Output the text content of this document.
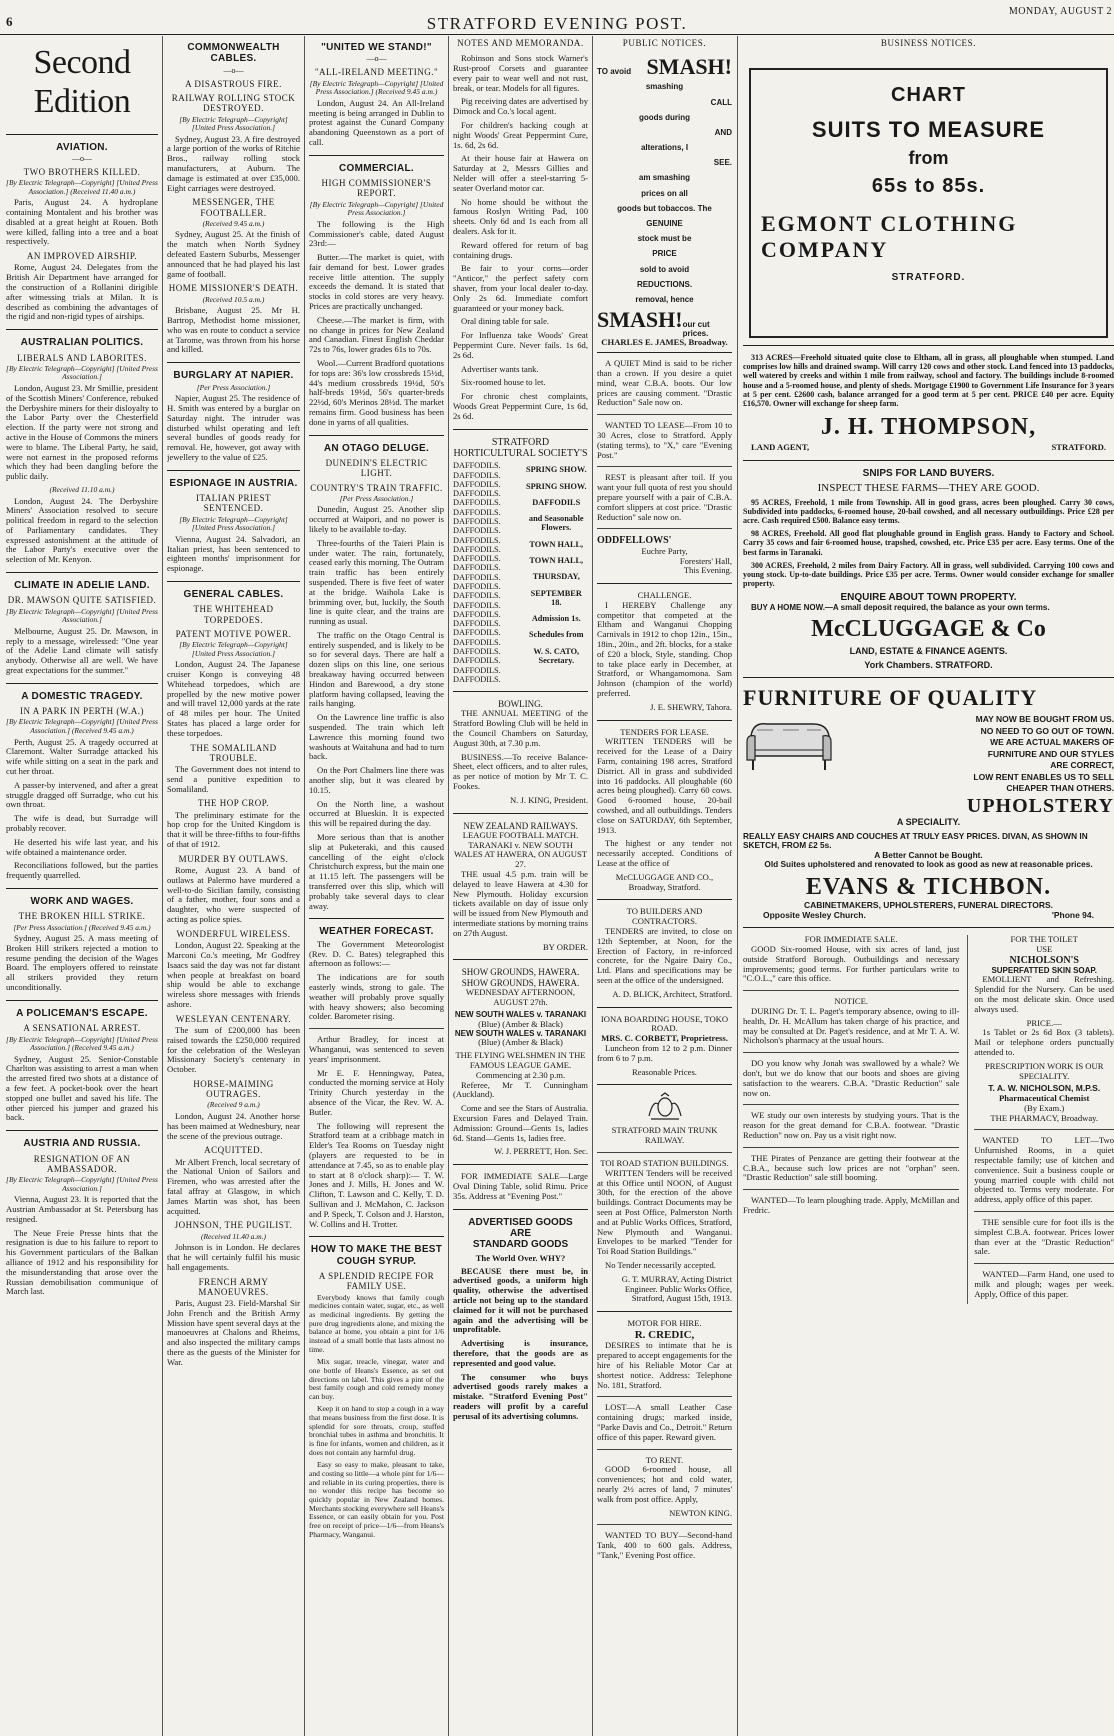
6	STRATFORD EVENING POST.
MONDAY, AUGUST 2
Second Edition
AVIATION.

—o—

TWO BROTHERS KILLED.
[By Electric Telegraph—Copyright] [United Press Association.] (Received 11.40 a.m.)

Paris, August 24. A hydroplane containing Montalent and his brother was disabled at a great height at Rouen. Both were killed, falling into a tree and a boat respectively.

AN IMPROVED AIRSHIP.

Rome, August 24. Delegates from the British Air Department have arranged for the construction of a Rollanini dirigible after witnessing trials at Milan. It is described as combining the advantages of the rigid and non-rigid types of airships.

AUSTRALIAN POLITICS.
LIBERALS AND LABORITES.
[By Electric Telegraph—Copyright] [United Press Association.]

London, August 23. Mr Smillie, president of the Scottish Miners' Conference, rebuked the Derbyshire miners for their disloyalty to the Labor Party over the Chesterfield election. If the party were not strong and active in the House of Commons the miners were to blame. The Liberal Party, he said, were not earnest in the proposed reforms which they had been dangling before the public daily.

(Received 11.10 a.m.)

London, August 24. The Derbyshire Miners' Association resolved to secure political freedom in regard to the selection of Parliamentary candidates. They expressed astonishment at the attitude of the Labor Party's executive over the selection of Mr. Kenyon.

CLIMATE IN ADELIE LAND.
DR. MAWSON QUITE SATISFIED.
[By Electric Telegraph—Copyright] [United Press Association.]

Melbourne, August 25. Dr. Mawson, in reply to a message, wirelessed: "One year of the Adelie Land climate will satisfy anybody. Otherwise all are well. We have great expectations for the summer."

A DOMESTIC TRAGEDY.
IN A PARK IN PERTH (W.A.)
[By Electric Telegraph—Copyright] [United Press Association.] (Received 9.45 a.m.)

Perth, August 25. A tragedy occurred at Claremont. Walter Surradge attacked his wife while sitting on a seat in the park and cut her throat.

A passer-by intervened, and after a great struggle dragged off Surradge, who cut his own throat.

The wife is dead, but Surradge will probably recover.

He deserted his wife last year, and his wife obtained a maintenance order.

Reconciliations followed, but the parties frequently quarrelled.

WORK AND WAGES.
THE BROKEN HILL STRIKE.
[Per Press Association.] (Received 9.45 a.m.)

Sydney, August 25. A mass meeting of Broken Hill strikers rejected a motion to resume pending the decision of the Wages Board. The employers offered to reinstate all strikers provided they return unconditionally.

A POLICEMAN'S ESCAPE.
A SENSATIONAL ARREST.
[By Electric Telegraph—Copyright] [United Press Association.] (Received 9.45 a.m.)

Sydney, August 25. Senior-Constable Charlton was assisting to arrest a man when the arrested fired two shots at a distance of a few feet. A pocket-book over the heart stopped one bullet and saved his life. The other pierced his jumper and grazed his back.

AUSTRIA AND RUSSIA.
RESIGNATION OF AN AMBASSADOR.
[By Electric Telegraph—Copyright] [United Press Association.]

Vienna, August 23. It is reported that the Austrian Ambassador at St. Petersburg has resigned.

The Neue Freie Presse hints that the resignation is due to his failure to report to his Government particulars of the Balkan alliance of 1912 and his responsibility for the misunderstanding that arose over the Russian demobilisation communique of March last.

COMMONWEALTH CABLES.

—o—

A DISASTROUS FIRE.
RAILWAY ROLLING STOCK DESTROYED.
[By Electric Telegraph—Copyright] [United Press Association.]

Sydney, August 23. A fire destroyed a large portion of the works of Ritchie Bros., railway rolling stock manufacturers, at Auburn. The damage is estimated at over £35,000. Eight carriages were destroyed.

MESSENGER, THE FOOTBALLER.
(Received 9.45 a.m.)

Sydney, August 25. At the finish of the match when North Sydney defeated Eastern Suburbs, Messenger announced that he had played his last game of football.

HOME MISSIONER'S DEATH.
(Received 10.5 a.m.)

Brisbane, August 25. Mr H. Bartrop, Methodist home missioner, who was en route to conduct a service at Tarome, was thrown from his horse and killed.

BURGLARY AT NAPIER.
[Per Press Association.]

Napier, August 25. The residence of H. Smith was entered by a burglar on Saturday night. The intruder was disturbed whilst operating and left several bundles of goods ready for removal. He, however, got away with jewellery to the value of £25.

ESPIONAGE IN AUSTRIA.
ITALIAN PRIEST SENTENCED.
[By Electric Telegraph—Copyright] [United Press Association.]

Vienna, August 24. Salvadori, an Italian priest, has been sentenced to eighteen months' imprisonment for espionage.

GENERAL CABLES.
THE WHITEHEAD TORPEDOES.
PATENT MOTIVE POWER.
[By Electric Telegraph—Copyright] [United Press Association.]

London, August 24. The Japanese cruiser Kongo is conveying 48 Whitehead torpedoes, which are propelled by the new motive power and will travel 12,000 yards at the rate of 48 miles per hour. The United States has placed a large order for these torpedoes.

THE SOMALILAND TROUBLE.

The Government does not intend to send a punitive expedition to Somaliland.

THE HOP CROP.

The preliminary estimate for the hop crop for the United Kingdom is that it will be three-fifths to four-fifths of that of 1912.

MURDER BY OUTLAWS.

Rome, August 23. A band of outlaws at Palermo have murdered a well-to-do Sicilian family, consisting of a father, mother, four sons and a daughter, who were suspected of acting as police spies.

WONDERFUL WIRELESS.

London, August 22. Speaking at the Marconi Co.'s meeting, Mr Godfrey Isaacs said the day was not far distant when people at breakfast on board ship would be able to exchange wireless shore messages with friends ashore.

WESLEYAN CENTENARY.

The sum of £200,000 has been raised towards the £250,000 required for the celebration of the Wesleyan Missionary Society's centenary in October.

HORSE-MAIMING OUTRAGES.
(Received 9 a.m.)

London, August 24. Another horse has been maimed at Wednesbury, near the scene of the previous outrage.

ACQUITTED.

Mr Albert French, local secretary of the National Union of Sailors and Firemen, who was arrested after the fatal affray at Glasgow, in which James Martin was shot, has been acquitted.

JOHNSON, THE PUGILIST.
(Received 11.40 a.m.)

Johnson is in London. He declares that he will certainly fulfil his music hall engagements.

FRENCH ARMY MANOEUVRES.

Paris, August 23. Field-Marshal Sir John French and the British Army Mission have spent several days at the manoeuvres at Chalons and Rheims, and also inspected the military camps there as the guests of the Minister for War.

"UNITED WE STAND!"

—o—

"ALL-IRELAND MEETING."
[By Electric Telegraph—Copyright] [United Press Association.] (Received 9.45 a.m.)

London, August 24. An All-Ireland meeting is being arranged in Dublin to protest against the Cunard Company abandoning Queenstown as a port of call.

COMMERCIAL.
HIGH COMMISSIONER'S REPORT.
[By Electric Telegraph—Copyright] [United Press Association.]

The following is the High Commissioner's cable, dated August 23rd:—

Butter.—The market is quiet, with fair demand for best. Lower grades receive little attention. The supply exceeds the demand. It is stated that stocks in cold stores are very heavy. Prices are practically unchanged.

Cheese.—The market is firm, with no change in prices for New Zealand and Canadian. Finest English Cheddar 72s to 76s, lower grades 61s to 70s.

Wool.—Current Bradford quotations for tops are: 36's low crossbreds 15½d, 44's medium crossbreds 19½d, 50's half-breds 19½d, 56's quarter-breds 22½d, 60's Merinos 28½d. The market remains firm. Good business has been done in yarns of all qualities.

AN OTAGO DELUGE.
DUNEDIN'S ELECTRIC LIGHT.
COUNTRY'S TRAIN TRAFFIC.
[Per Press Association.]

Dunedin, August 25. Another slip occurred at Waipori, and no power is likely to be available to-day.

Three-fourths of the Taieri Plain is under water. The rain, fortunately, ceased early this morning. The Outram train traffic has been entirely suspended. There is five feet of water at the bridge. Waihola Lake is brimming over, but, luckily, the South line is quite clear, and the trains are running as usual.

The traffic on the Otago Central is entirely suspended, and is likely to be so for several days. There are half a dozen slips on this line, one serious breakaway having occurred between Hindon and Barewood, a dry stone platform having collapsed, leaving the rails hanging.

On the Lawrence line traffic is also suspended. The train which left Lawrence this morning found two washouts at Waitahuna and had to turn back.

On the Port Chalmers line there was another slip, but it was cleared by 10.15.

On the North line, a washout occurred at Blueskin. It is expected this will be repaired during the day.

More serious than that is another slip at Puketeraki, and this caused cancelling of the eight o'clock Christchurch express, but the main one at 11.15 left. The passengers will be transferred over this slip, which will probably take several days to clear away.

WEATHER FORECAST.

The Government Meteorologist (Rev. D. C. Bates) telegraphed this afternoon as follows:—

The indications are for south easterly winds, strong to gale. The weather will probably prove squally with heavy showers; also becoming colder. Barometer rising.

Arthur Bradley, for incest at Whanganui, was sentenced to seven years' imprisonment.

Mr E. F. Henningway, Patea, conducted the morning service at Holy Trinity Church yesterday in the absence of the Vicar, the Rev. W. A. Butler.

The following will represent the Stratford team at a cribbage match in Elder's Tea Rooms on Tuesday night (players are requested to be in attendance at 7.45, so as to enable play to start at 8 o'clock sharp):— T. W. Jones and J. Mills, H. Jones and W. Clifton, T. Lawson and C. Kelly, T. D. Sullivan and J. McMahon, C. Jackson and P. Speck, T. Colson and J. Harston, W. Collins and H. Trotter.

HOW TO MAKE THE BEST COUGH SYRUP.
A SPLENDID RECIPE FOR FAMILY USE.

Everybody knows that family cough medicines contain water, sugar, etc., as well as medicinal ingredients. By getting the pure drug ingredients alone, and mixing the balance at home, you obtain a pint for 1/6 instead of a small bottle that lasts almost no time.

Mix sugar, treacle, vinegar, water and one bottle of Heans's Essence, as set out directions on label. This gives a pint of the best family cough and cold remedy money can buy.

Keep it on hand to stop a cough in a way that means business from the first dose. It is splendid for sore throats, croup, stuffed bronchial tubes in asthma and bronchitis. It is fine for infants, women and children, as it does not contain any harmful drug.

Easy so easy to make, pleasant to take, and costing so little—a whole pint for 1/6—and reliable in its curing properties, there is no wonder this recipe has become so quickly popular in New Zealand homes. Merchants stocking everywhere sell Heans's Essence, or can easily obtain for you. Post free on receipt of price—1/6—from Heans's Pharmacy, Wanganui.

NOTES AND MEMORANDA.

Robinson and Sons stock Warner's Rust-proof Corsets and guarantee every pair to wear well and not rust, break, or tear. Models for all figures.

Pig receiving dates are advertised by Dimock and Co.'s local agent.

For children's hacking cough at night Woods' Great Peppermint Cure, 1s. 6d, 2s 6d.

At their house fair at Hawera on Saturday at 2, Messrs Gillies and Nelder will offer a steel-starring 5-seater Overland motor car.

No home should be without the famous Roslyn Writing Pad, 100 sheets. Only 6d and 1s each from all dealers. Ask for it.

Reward offered for return of bag containing drugs.

Be fair to your corns—order "Anticor," the perfect safety corn shaver, from your local dealer to-day. Only 2s 6d. Immediate comfort guaranteed or your money back.

Oral dining table for sale.

For Influenza take Woods' Great Peppermint Cure. Never fails. 1s 6d, 2s 6d.

Advertiser wants tank.

Six-roomed house to let.

For chronic chest complaints, Woods Great Peppermint Cure, 1s 6d, 2s 6d.

STRATFORD HORTICULTURAL SOCIETY'S
DAFFODILS.
DAFFODILS.
DAFFODILS.
DAFFODILS.
DAFFODILS.
DAFFODILS.
DAFFODILS.
DAFFODILS.
DAFFODILS.
DAFFODILS.
DAFFODILS.
DAFFODILS.
DAFFODILS.
DAFFODILS.
DAFFODILS.
DAFFODILS.
DAFFODILS.
DAFFODILS.
DAFFODILS.
DAFFODILS.
DAFFODILS.
DAFFODILS.
DAFFODILS.
DAFFODILS.
SPRING SHOW.
SPRING SHOW.
DAFFODILS
and Seasonable Flowers.
TOWN HALL,
TOWN HALL,
THURSDAY,
SEPTEMBER 18.
Admission 1s.
Schedules from
W. S. CATO, Secretary.
BOWLING.

THE ANNUAL MEETING of the Stratford Bowling Club will be held in the Council Chambers on Saturday, August 30th, at 7.30 p.m.

BUSINESS.—To receive Balance-Sheet, elect officers, and to alter rules, as per notice of motion by Mr T. C. Fookes.

N. J. KING, President.
NEW ZEALAND RAILWAYS.
LEAGUE FOOTBALL MATCH.
TARANAKI v. NEW SOUTH WALES AT HAWERA, ON AUGUST 27.

THE usual 4.5 p.m. train will be delayed to leave Hawera at 4.30 for New Plymouth. Holiday excursion tickets available on day of issue only will be issued from New Plymouth and intermediate stations by morning trains on 27th August.

BY ORDER.
SHOW GROUNDS, HAWERA. SHOW GROUNDS, HAWERA.
WEDNESDAY AFTERNOON, AUGUST 27th.
NEW SOUTH WALES v. TARANAKI
(Blue) (Amber & Black)
NEW SOUTH WALES v. TARANAKI
(Blue) (Amber & Black)
THE FLYING WELSHMEN IN THE FAMOUS LEAGUE GAME.
Commencing at 2.30 p.m.

Referee, Mr T. Cunningham (Auckland).

Come and see the Stars of Australia. Excursion Fares and Delayed Train. Admission: Ground—Gents 1s, ladies 6d. Stand—Gents 1s, ladies free.

W. J. PERRETT, Hon. Sec.

FOR IMMEDIATE SALE—Large Oval Dining Table, solid Rimu. Price 35s. Address at "Evening Post."

ADVERTISED GOODS
ARE
STANDARD GOODS
The World Over. WHY?

BECAUSE there must be, in advertised goods, a uniform high quality, otherwise the advertised article not being up to the standard claimed for it will not be purchased again and the advertising will be unprofitable.

Advertising is insurance, therefore, that the goods are as represented and good value.

The consumer who buys advertised goods rarely makes a mistake. "Stratford Evening Post" readers will profit by a careful perusal of its advertising columns.

PUBLIC NOTICES.
TO avoid SMASH!
smashing
CALL
goods during
AND
alterations, I
SEE.
am smashing
prices on all
goods but tobaccos. The
GENUINE
stock must be
PRICE
sold to avoid
REDUCTIONS.
removal, hence
SMASH! our cut prices.
CHARLES E. JAMES, Broadway.

A QUIET Mind is said to be richer than a crown. If you desire a quiet mind, wear C.B.A. boots. Our low prices are causing comment. "Drastic Reduction" Sale now on.

WANTED TO LEASE—From 10 to 30 Acres, close to Stratford. Apply (stating terms), to "X," care "Evening Post."

REST is pleasant after toil. If you want your full quota of rest you should prepare yourself with a pair of C.B.A. comfort slippers at cost price. "Drastic Reduction" sale now on.

ODDFELLOWS'
Euchre Party,
Foresters' Hall,
This Evening.
CHALLENGE.

I HEREBY Challenge any competitor that competed at the Eltham and Wanganui Chopping Carnivals in 1912 to chop 12in., 15in., 18in., 20in., and 2ft. blocks, for a stake of £20 a block, Style, standing. Chop to take place early in December, at Stratford, or Whangamomona. Sam Johnson (champion of the world) preferred.

J. E. SHEWRY, Tahora.
TENDERS FOR LEASE.

WRITTEN TENDERS will be received for the Lease of a Dairy Farm, containing 198 acres, Stratford District. All in grass and subdivided into 16 paddocks. All ploughable (60 acres being ploughed). Carry 60 cows. Good 6-roomed house, 20-bail cowshed, and all outbuildings. Tenders close on SATURDAY, 6th September, 1913.

The highest or any tender not necessarily accepted. Conditions of Lease at the office of

McCLUGGAGE AND CO., Broadway, Stratford.
TO BUILDERS AND CONTRACTORS.

TENDERS are invited, to close on 12th September, at Noon, for the Erection of Factory, in re-inforced concrete, for the Ngaire Dairy Co., Ltd. Plans and specifications may be seen at the office of the undersigned.

A. D. BLICK, Architect, Stratford.
IONA BOARDING HOUSE, TOKO ROAD.
MRS. C. CORBETT, Proprietress.

Luncheon from 12 to 2 p.m. Dinner from 6 to 7 p.m.

Reasonable Prices.
STRATFORD MAIN TRUNK RAILWAY.
TOI ROAD STATION BUILDINGS.

WRITTEN Tenders will be received at this Office until NOON, of August 30th, for the erection of the above buildings. Contract Documents may be seen at Post Office, Palmerston North and at Public Works Offices, Stratford, New Plymouth and Wanganui. Envelopes to be marked "Tender for Toi Road Station Buildings."

No Tender necessarily accepted.

G. T. MURRAY, Acting District Engineer. Public Works Office, Stratford, August 15th, 1913.
MOTOR FOR HIRE.
R. CREDIC,

DESIRES to intimate that he is prepared to accept engagements for the hire of his Reliable Motor Car at shortest notice. Address: Telephone No. 181, Stratford.

LOST—A small Leather Case containing drugs; marked inside, "Parke Davis and Co., Detroit." Return office of this paper. Reward given.

TO RENT.

GOOD 6-roomed house, all conveniences; hot and cold water, nearly 2½ acres of land, 7 minutes' walk from post office. Apply,

NEWTON KING.

WANTED TO BUY—Second-hand Tank, 400 to 600 gals. Address, "Tank," Evening Post office.

BUSINESS NOTICES.
CHART
SUITS TO MEASURE
from
65s to 85s.
EGMONT CLOTHING COMPANY
STRATFORD.

313 ACRES—Freehold situated quite close to Eltham, all in grass, all ploughable when stumped. Land comprises low hills and drained swamp. Will carry 120 cows and other stock. Land fenced into 13 paddocks, well watered by creeks and within 1 mile from railway, school and factory. The buildings include 8-roomed house and a 5-roomed house, and plenty of sheds. Mortgage £1900 to Government Life Insurance for 3 years at 5 per cent. £2600 cash, balance arranged for a good term at 5 per cent. PRICE £40 per acre. Equity £16,570. Owner will exchange for sheep farm.

J. H. THOMPSON,
LAND AGENT,	STRATFORD.
SNIPS FOR LAND BUYERS.
INSPECT THESE FARMS—THEY ARE GOOD.

95 ACRES, Freehold, 1 mile from Township. All in good grass, acres been ploughed. Carry 30 cows, Subdivided into paddocks, 6-roomed house, 20-bail cowshed, and all necessary outbuildings. Price £28 per acre. Cash required £500. Balance easy terms.

98 ACRES, Freehold. All good flat ploughable ground in English grass. Handy to Factory and School. Carry 35 cows and fair 6-roomed house, trapshed, cowshed, etc. Price £35 per acre. Easy terms. One of the best farms in Taranaki.

300 ACRES, Freehold, 2 miles from Dairy Factory. All in grass, well subdivided. Carrying 100 cows and young stock. Up-to-date buildings. Price £35 per acre. Terms. Owner would consider exchange for smaller property.

ENQUIRE ABOUT TOWN PROPERTY.

BUY A HOME NOW.—A small deposit required, the balance as your own terms.

McCLUGGAGE & Co
LAND, ESTATE & FINANCE AGENTS.
York Chambers. STRATFORD.
FURNITURE OF QUALITY
MAY NOW BE BOUGHT FROM US.
NO NEED TO GO OUT OF TOWN.
WE ARE ACTUAL MAKERS OF
FURNITURE AND OUR STYLES
ARE CORRECT,
LOW RENT ENABLES US TO SELL
CHEAPER THAN OTHERS.
UPHOLSTERY
A SPECIALITY.
REALLY EASY CHAIRS AND COUCHES AT TRULY EASY PRICES. DIVAN, AS SHOWN IN SKETCH, FROM £2 5s.
A Better Cannot be Bought.
Old Suites upholstered and renovated to look as good as new at reasonable prices.
EVANS & TICHBON.
CABINETMAKERS, UPHOLSTERERS, FUNERAL DIRECTORS.
Opposite Wesley Church.	'Phone 94.
FOR IMMEDIATE SALE.

GOOD Six-roomed House, with six acres of land, just outside Stratford Borough. Outbuildings and necessary improvements; good terms. For further particulars write to "C.O.L.," care this office.

NOTICE.

DURING Dr. T. L. Paget's temporary absence, owing to ill-health, Dr. H. McAllum has taken charge of his practice, and may be consulted at Dr. Paget's residence, and at Mr T. A. W. Nicholson's pharmacy at the usual hours.

DO you know why Jonah was swallowed by a whale? We don't, but we do know that our boots and shoes are giving satisfaction to the wearers. C.B.A. "Drastic Reduction" sale now on.

WE study our own interests by studying yours. That is the reason for the great demand for C.B.A. footwear. "Drastic Reduction" now on. Pay us a visit right now.

THE Pirates of Penzance are getting their footwear at the C.B.A., because such low prices are not "orphan" seen. "Drastic Reduction" sale still booming.

WANTED—To learn ploughing trade. Apply, McMillan and Fredric.

FOR THE TOILET
USE
NICHOLSON'S
SUPERFATTED SKIN SOAP.

EMOLLIENT and Refreshing. Splendid for the Nursery. Can be used on the most delicate skin. Once used always used.

PRICE.—

1s Tablet or 2s 6d Box (3 tablets). Mail or telephone orders punctually attended to.

PRESCRIPTION WORK IS OUR SPECIALITY.
T. A. W. NICHOLSON, M.P.S.
Pharmaceutical Chemist
(By Exam.)
THE PHARMACY, Broadway.

WANTED TO LET—Two Unfurnished Rooms, in a quiet respectable family; use of kitchen and convenience. Suit a business couple or young married couple with child not objected to. Terms very moderate. For address, apply office of this paper.

THE sensible cure for foot ills is the simplest C.B.A. footwear. Prices lower than ever at the "Drastic Reduction" sale.

WANTED—Farm Hand, one used to milk and plough; wages per week. Apply, Office of this paper.
